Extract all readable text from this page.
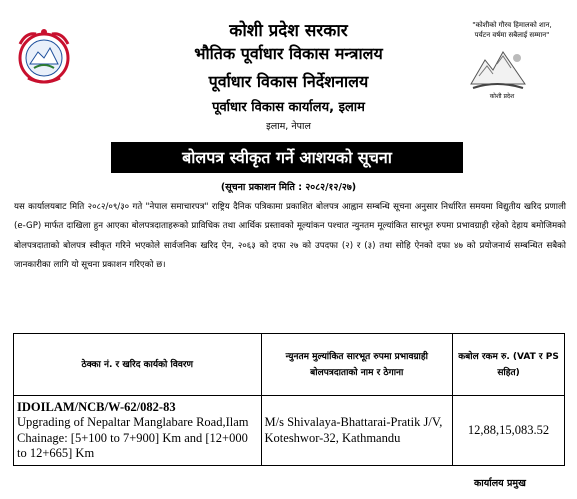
"कोशीको गौरव हिमालको शान,
पर्यटन वर्षमा सबैलाई सम्मान"
कोशी प्रदेश
कोशी प्रदेश सरकार
भौतिक पूर्वाधार विकास मन्त्रालय
पूर्वाधार विकास निर्देशनालय
पूर्वाधार विकास कार्यालय, इलाम
इलाम, नेपाल
बोलपत्र स्वीकृत गर्ने आशयको सूचना
(सूचना प्रकाशन मिति : २०८२/१२/२७)
यस कार्यालयबाट मिति २०८२/०९/३० गते "नेपाल समाचारपत्र" राष्ट्रिय दैनिक पत्रिकामा प्रकाशित बोलपत्र आह्वान सम्बन्धि सूचना अनुसार निर्धारित समयमा विद्युतीय खरिद प्रणाली (e-GP) मार्फत दाखिला हुन आएका बोलपत्रदाताहरूको प्राविधिक तथा आर्थिक प्रस्तावको मूल्यांकन पश्चात न्युनतम मूल्यांकित सारभूत रुपमा प्रभावग्राही रहेको देहाय बमोजिमको बोलपत्रदाताको बोलपत्र स्वीकृत गरिने भएकोले सार्वजनिक खरिद ऐन, २०६३ को दफा २७ को उपदफा (२) र (३) तथा सोहि ऐनको दफा ४७ को प्रयोजनार्थ सम्बन्धित सबैको जानकारीका लागि यो सूचना प्रकाशन गरिएको छ।
ठेक्का नं. र खरिद कार्यको विवरण	न्युनतम मुल्यांकित सारभूत रुपमा प्रभावग्राही बोलपत्रदाताको नाम र ठेगाना	कबोल रकम रु. (VAT र PS सहित)

IDOILAM/NCB/W-62/082-83
Upgrading of Nepaltar Manglabare Road,Ilam Chainage: [5+100 to 7+900] Km and [12+000 to 12+665] Km	M/s Shivalaya-Bhattarai-Pratik J/V, Koteshwor-32, Kathmandu	12,88,15,083.52
कार्यालय प्रमुख
